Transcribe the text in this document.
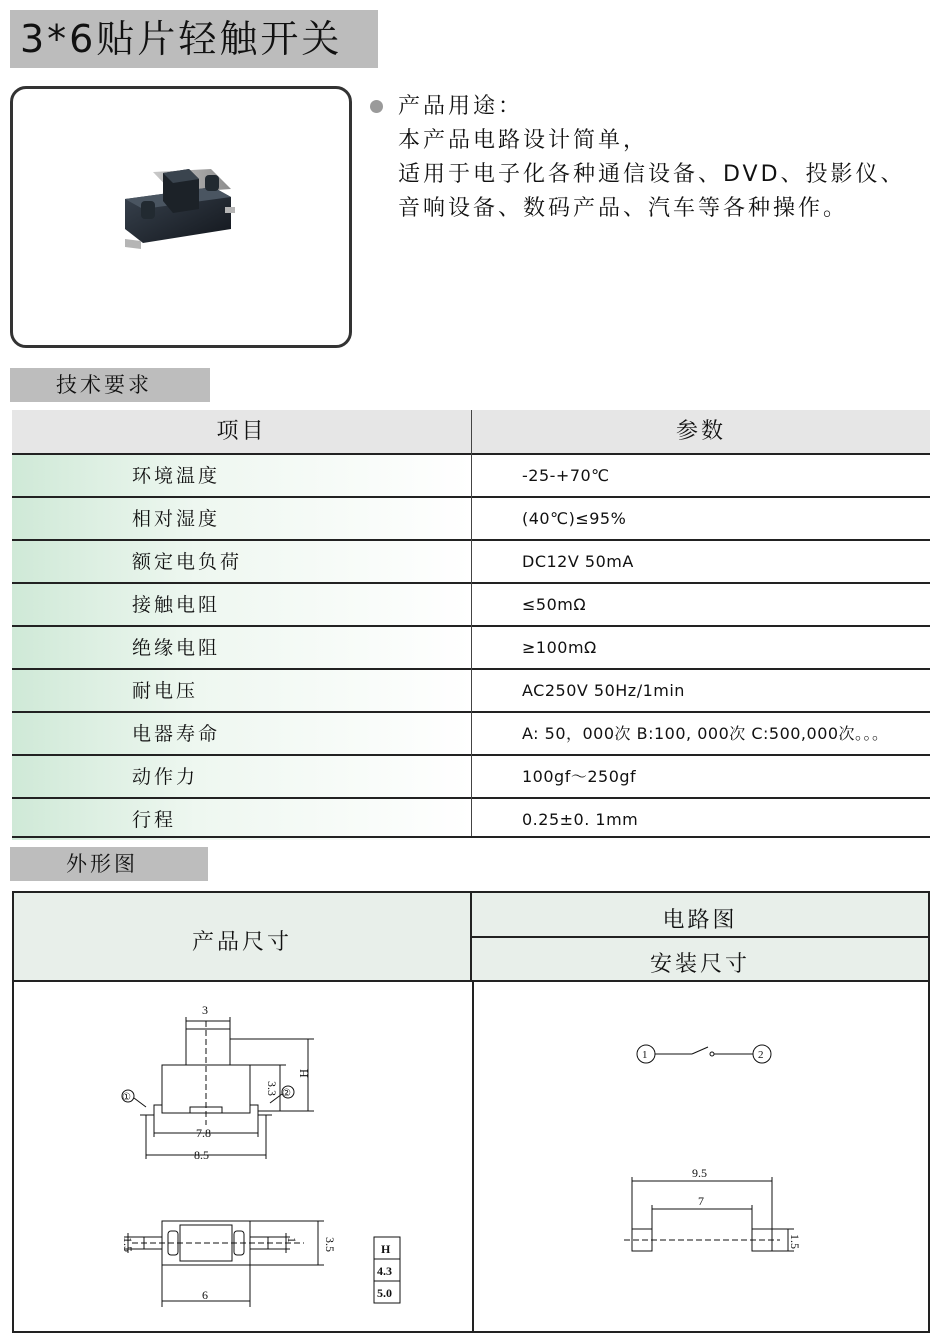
3*6贴片轻触开关
产品用途：
本产品电路设计简单，
适用于电子化各种通信设备、DVD、投影仪、
音响设备、数码产品、汽车等各种操作。
技术要求
项目	参数
环境温度	-25-+70℃
相对湿度	(40℃)≤95%
额定电负荷	DC12V 50mA
接触电阻	≤50mΩ
绝缘电阻	≥100mΩ
耐电压	AC250V 50Hz/1min
电器寿命	A: 50，000次 B:100, 000次 C:500,000次。。。
动作力	100gf～250gf
行程	0.25±0. 1mm
外形图
产品尺寸
电路图
安装尺寸
3
7.8
8.5
3.3
H
①	②
1.5	1 3.5
6
H
4.3
5.0
1	2
9.5
7
1.5
